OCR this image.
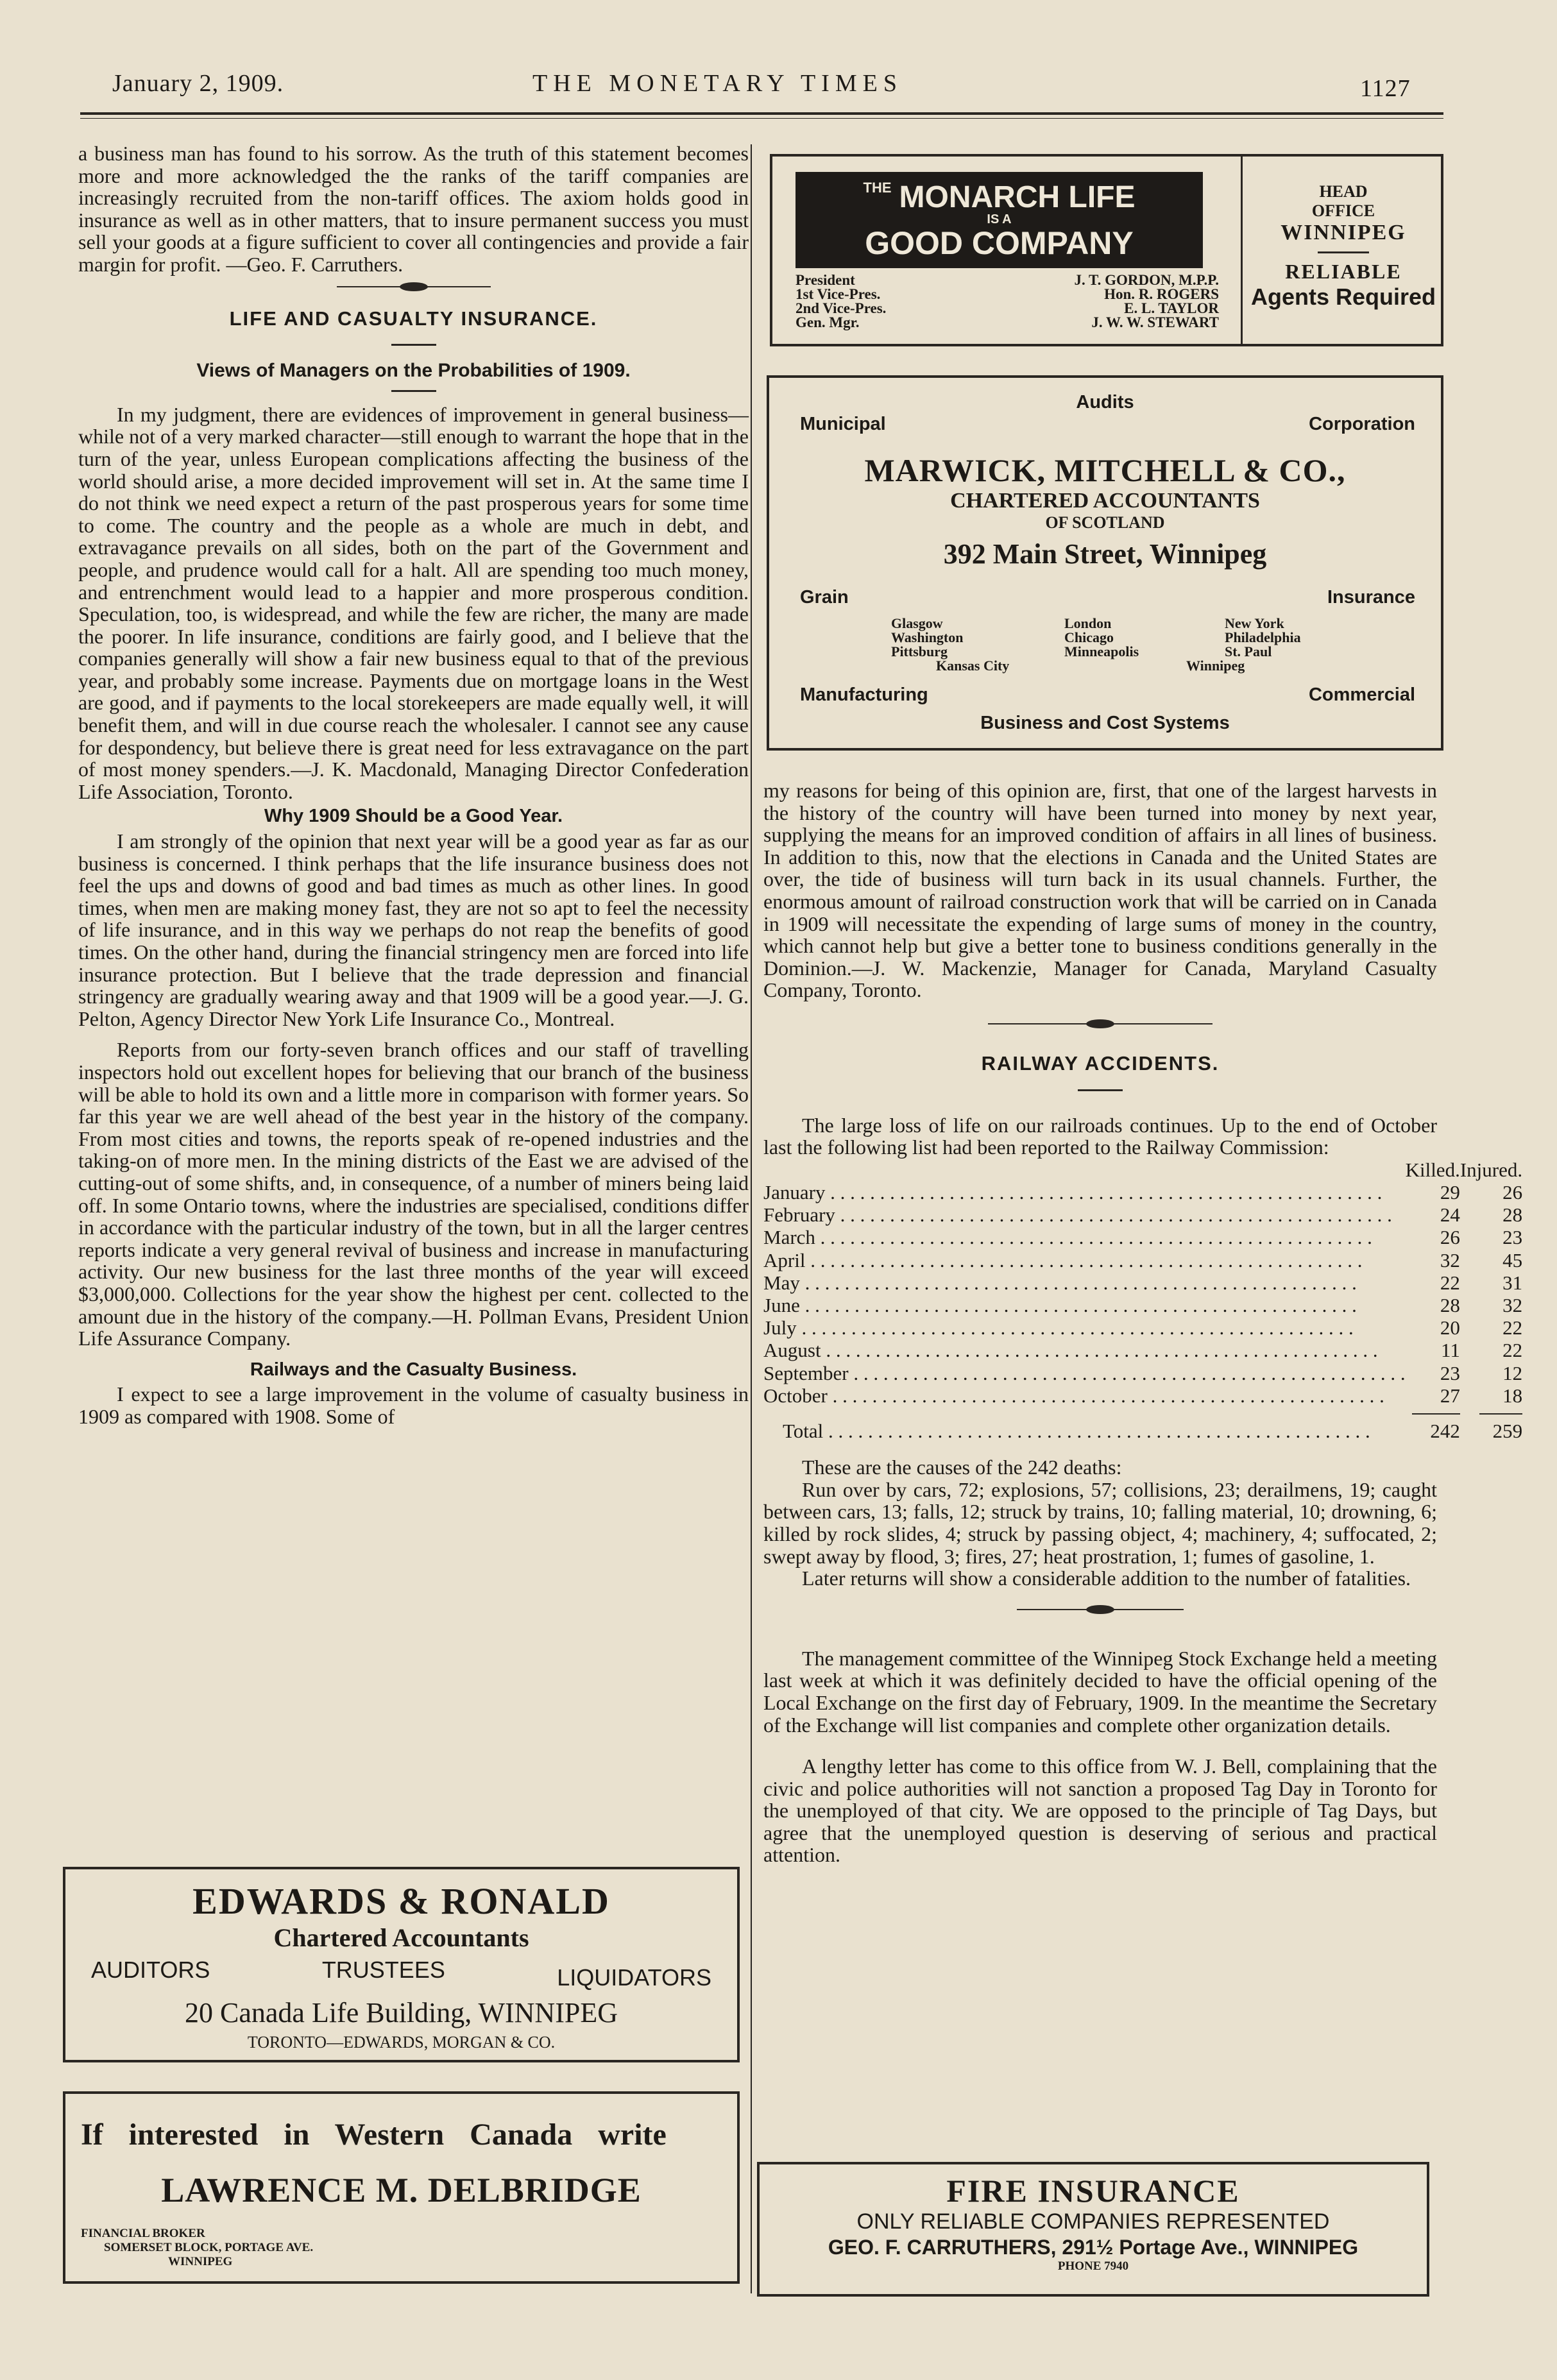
January 2, 1909.	THE MONETARY TIMES	1127

a business man has found to his sorrow. As the truth of this statement becomes more and more acknowledged the the ranks of the tariff companies are increasingly recruited from the non-tariff offices. The axiom holds good in insurance as well as in other matters, that to insure permanent success you must sell your goods at a figure sufficient to cover all contingencies and provide a fair margin for profit. —Geo. F. Carruthers.

LIFE AND CASUALTY INSURANCE.
Views of Managers on the Probabilities of 1909.

In my judgment, there are evidences of improvement in general business—while not of a very marked character—still enough to warrant the hope that in the turn of the year, unless European complications affecting the business of the world should arise, a more decided improvement will set in. At the same time I do not think we need expect a return of the past prosperous years for some time to come. The country and the people as a whole are much in debt, and extravagance prevails on all sides, both on the part of the Government and people, and prudence would call for a halt. All are spending too much money, and entrenchment would lead to a happier and more prosperous condition. Speculation, too, is widespread, and while the few are richer, the many are made the poorer. In life insurance, conditions are fairly good, and I believe that the companies generally will show a fair new business equal to that of the previous year, and probably some increase. Payments due on mortgage loans in the West are good, and if payments to the local storekeepers are made equally well, it will benefit them, and will in due course reach the wholesaler. I cannot see any cause for despondency, but believe there is great need for less extravagance on the part of most money spenders.—J. K. Macdonald, Managing Director Confederation Life Association, Toronto.

Why 1909 Should be a Good Year.

I am strongly of the opinion that next year will be a good year as far as our business is concerned. I think perhaps that the life insurance business does not feel the ups and downs of good and bad times as much as other lines. In good times, when men are making money fast, they are not so apt to feel the necessity of life insurance, and in this way we perhaps do not reap the benefits of good times. On the other hand, during the financial stringency men are forced into life insurance protection. But I believe that the trade depression and financial stringency are gradually wearing away and that 1909 will be a good year.—J. G. Pelton, Agency Director New York Life Insurance Co., Montreal.

Reports from our forty-seven branch offices and our staff of travelling inspectors hold out excellent hopes for believing that our branch of the business will be able to hold its own and a little more in comparison with former years. So far this year we are well ahead of the best year in the history of the company. From most cities and towns, the reports speak of re-opened industries and the taking-on of more men. In the mining districts of the East we are advised of the cutting-out of some shifts, and, in consequence, of a number of miners being laid off. In some Ontario towns, where the industries are specialised, conditions differ in accordance with the particular industry of the town, but in all the larger centres reports indicate a very general revival of business and increase in manufacturing activity. Our new business for the last three months of the year will exceed $3,000,000. Collections for the year show the highest per cent. collected to the amount due in the history of the company.—H. Pollman Evans, President Union Life Assurance Company.

Railways and the Casualty Business.

I expect to see a large improvement in the volume of casualty business in 1909 as compared with 1908. Some of

EDWARDS & RONALD
Chartered Accountants
AUDITORS	TRUSTEES	LIQUIDATORS
20 Canada Life Building, WINNIPEG
TORONTO—EDWARDS, MORGAN & CO.
If interested in Western Canada write
LAWRENCE M. DELBRIDGE
FINANCIAL BROKER
SOMERSET BLOCK, PORTAGE AVE.
WINNIPEG
$^{THE}$ MONARCH LIFE
IS A
GOOD COMPANY
President	J. T. GORDON, M.P.P.
1st Vice-Pres.	Hon. R. ROGERS
2nd Vice-Pres.	E. L. TAYLOR
Gen. Mgr.	J. W. W. STEWART
HEAD
OFFICE
WINNIPEG
RELIABLE
Agents Required
Audits
Municipal	Corporation
MARWICK, MITCHELL & CO.,
CHARTERED ACCOUNTANTS
OF SCOTLAND
392 Main Street, Winnipeg
Grain	Insurance
Glasgow
Washington
Pittsburg
Kansas City
London
Chicago
Minneapolis
New York
Philadelphia
St. Paul
Winnipeg
Manufacturing	Commercial
Business and Cost Systems

my reasons for being of this opinion are, first, that one of the largest harvests in the history of the country will have been turned into money by next year, supplying the means for an improved condition of affairs in all lines of business. In addition to this, now that the elections in Canada and the United States are over, the tide of business will turn back in its usual channels. Further, the enormous amount of railroad construction work that will be carried on in Canada in 1909 will necessitate the expending of large sums of money in the country, which cannot help but give a better tone to business conditions generally in the Dominion.—J. W. Mackenzie, Manager for Canada, Maryland Casualty Company, Toronto.

RAILWAY ACCIDENTS.

The large loss of life on our railroads continues. Up to the end of October last the following list had been reported to the Railway Commission:

	Killed.	Injured.
January . . . . . . . . . . . . . . . . . . . . . . . . . . . . . . . . . . . . . . . . . . . . . . . . . . . . . . . .	29	26
February . . . . . . . . . . . . . . . . . . . . . . . . . . . . . . . . . . . . . . . . . . . . . . . . . . . . . . . .	24	28
March . . . . . . . . . . . . . . . . . . . . . . . . . . . . . . . . . . . . . . . . . . . . . . . . . . . . . . . .	26	23
April . . . . . . . . . . . . . . . . . . . . . . . . . . . . . . . . . . . . . . . . . . . . . . . . . . . . . . . .	32	45
May . . . . . . . . . . . . . . . . . . . . . . . . . . . . . . . . . . . . . . . . . . . . . . . . . . . . . . . .	22	31
June . . . . . . . . . . . . . . . . . . . . . . . . . . . . . . . . . . . . . . . . . . . . . . . . . . . . . . . .	28	32
July . . . . . . . . . . . . . . . . . . . . . . . . . . . . . . . . . . . . . . . . . . . . . . . . . . . . . . . .	20	22
August . . . . . . . . . . . . . . . . . . . . . . . . . . . . . . . . . . . . . . . . . . . . . . . . . . . . . . . .	11	22
September . . . . . . . . . . . . . . . . . . . . . . . . . . . . . . . . . . . . . . . . . . . . . . . . . . . . . . . .	23	12
October . . . . . . . . . . . . . . . . . . . . . . . . . . . . . . . . . . . . . . . . . . . . . . . . . . . . . . . .	27	18

Total . . . . . . . . . . . . . . . . . . . . . . . . . . . . . . . . . . . . . . . . . . . . . . . . . . . . . . .	242	259

These are the causes of the 242 deaths:

Run over by cars, 72; explosions, 57; collisions, 23; derailmens, 19; caught between cars, 13; falls, 12; struck by trains, 10; falling material, 10; drowning, 6; killed by rock slides, 4; struck by passing object, 4; machinery, 4; suffocated, 2; swept away by flood, 3; fires, 27; heat prostration, 1; fumes of gasoline, 1.

Later returns will show a considerable addition to the number of fatalities.

The management committee of the Winnipeg Stock Exchange held a meeting last week at which it was definitely decided to have the official opening of the Local Exchange on the first day of February, 1909. In the meantime the Secretary of the Exchange will list companies and complete other organization details.

A lengthy letter has come to this office from W. J. Bell, complaining that the civic and police authorities will not sanction a proposed Tag Day in Toronto for the unemployed of that city. We are opposed to the principle of Tag Days, but agree that the unemployed question is deserving of serious and practical attention.

FIRE INSURANCE
ONLY RELIABLE COMPANIES REPRESENTED
GEO. F. CARRUTHERS, 291½ Portage Ave., WINNIPEG
PHONE 7940
